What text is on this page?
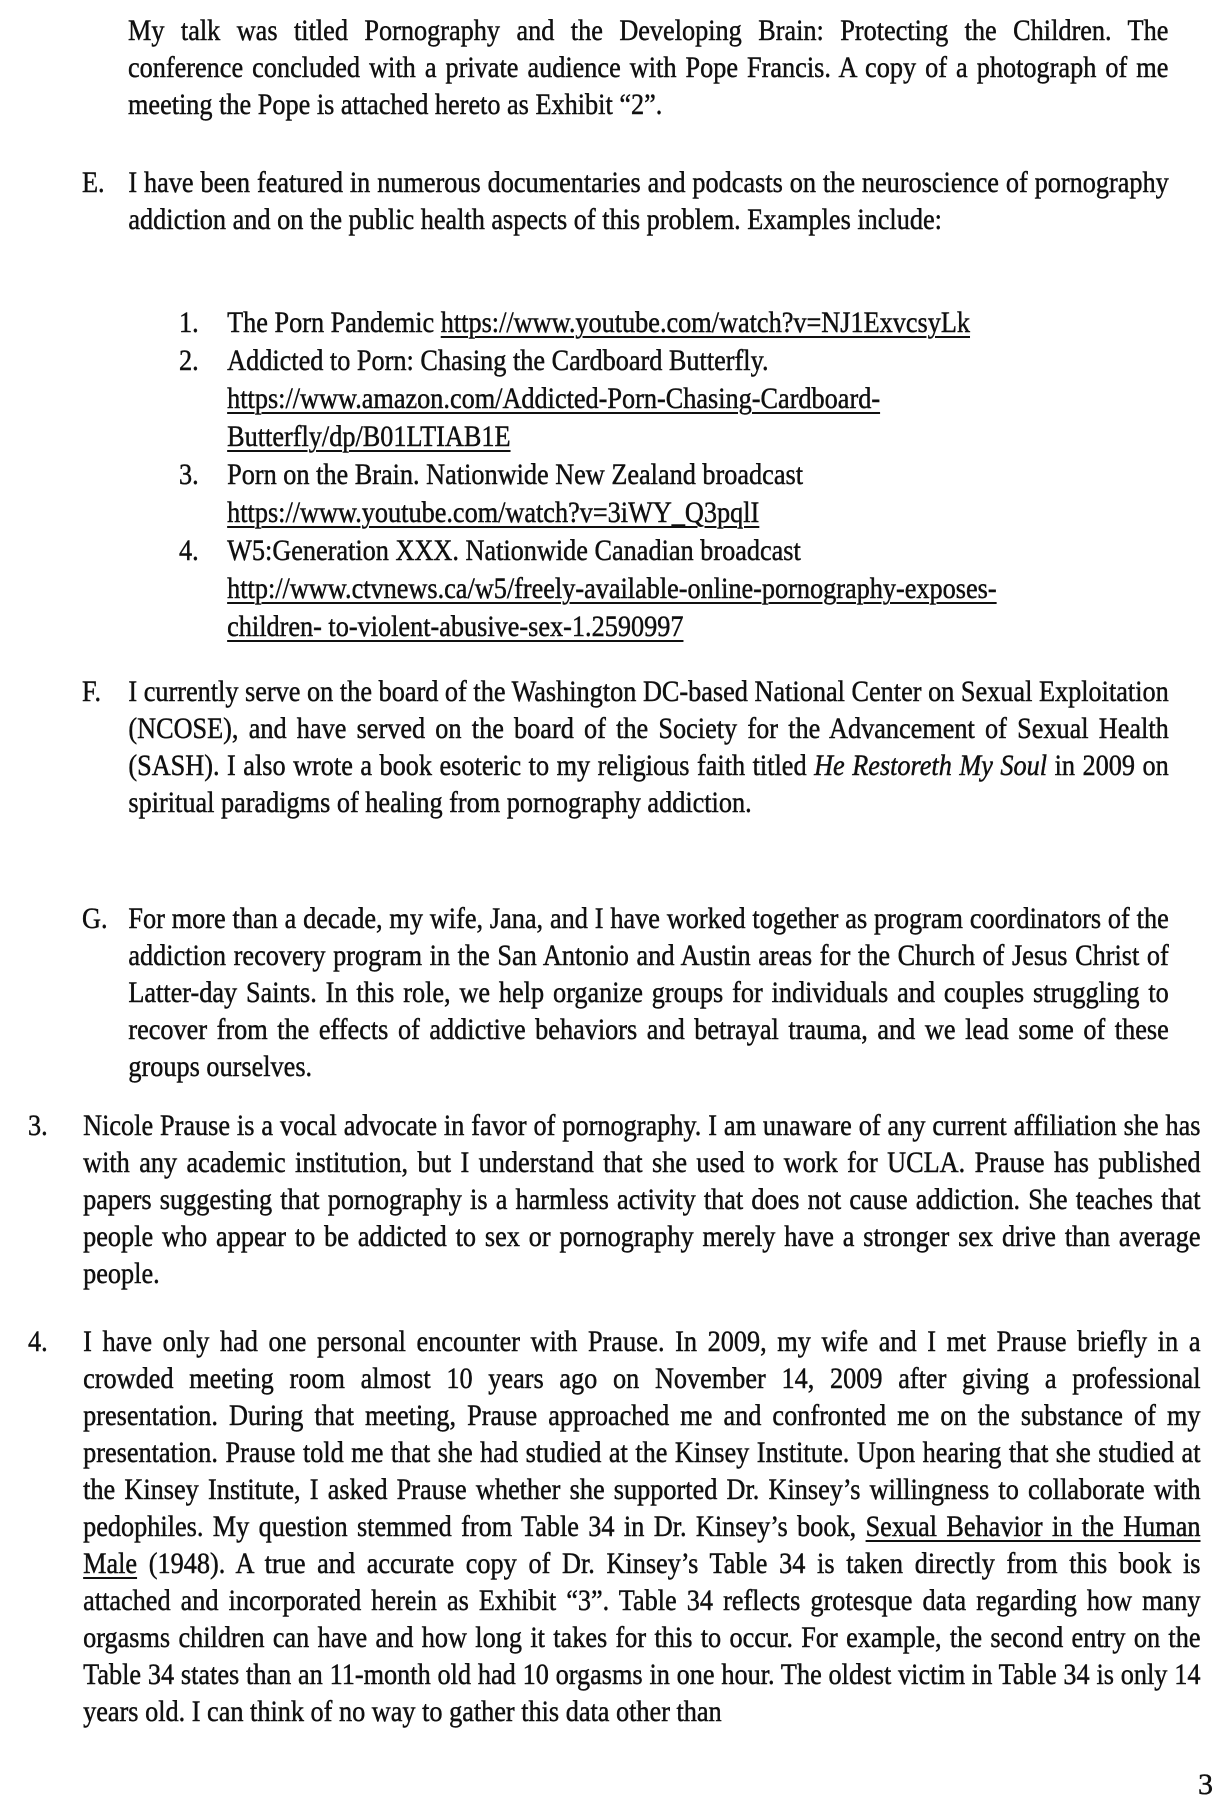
My talk was titled Pornography and the Developing Brain: Protecting the Children. The conference concluded with a private audience with Pope Francis. A copy of a photograph of me meeting the Pope is attached hereto as Exhibit “2”.
E. I have been featured in numerous documentaries and podcasts on the neuroscience of pornography addiction and on the public health aspects of this problem. Examples include:
1. The Porn Pandemic https://www.youtube.com/watch?v=NJ1ExvcsyLk
2. Addicted to Porn: Chasing the Cardboard Butterfly.
https://www.amazon.com/Addicted-Porn-Chasing-Cardboard-
Butterfly/dp/B01LTIAB1E
3. Porn on the Brain. Nationwide New Zealand broadcast
https://www.youtube.com/watch?v=3iWY_Q3pqlI
4. W5:Generation XXX. Nationwide Canadian broadcast
http://www.ctvnews.ca/w5/freely-available-online-pornography-exposes-
children- to-violent-abusive-sex-1.2590997
F. I currently serve on the board of the Washington DC-based National Center on Sexual Exploitation (NCOSE), and have served on the board of the Society for the Advancement of Sexual Health (SASH). I also wrote a book esoteric to my religious faith titled He Restoreth My Soul in 2009 on spiritual paradigms of healing from pornography addiction.
G. For more than a decade, my wife, Jana, and I have worked together as program coordinators of the addiction recovery program in the San Antonio and Austin areas for the Church of Jesus Christ of Latter-day Saints. In this role, we help organize groups for individuals and couples struggling to recover from the effects of addictive behaviors and betrayal trauma, and we lead some of these groups ourselves.
3. Nicole Prause is a vocal advocate in favor of pornography. I am unaware of any current affiliation she has with any academic institution, but I understand that she used to work for UCLA. Prause has published papers suggesting that pornography is a harmless activity that does not cause addiction. She teaches that people who appear to be addicted to sex or pornography merely have a stronger sex drive than average people.
4. I have only had one personal encounter with Prause. In 2009, my wife and I met Prause briefly in a crowded meeting room almost 10 years ago on November 14, 2009 after giving a professional presentation. During that meeting, Prause approached me and confronted me on the substance of my presentation. Prause told me that she had studied at the Kinsey Institute. Upon hearing that she studied at the Kinsey Institute, I asked Prause whether she supported Dr. Kinsey’s willingness to collaborate with pedophiles. My question stemmed from Table 34 in Dr. Kinsey’s book, Sexual Behavior in the Human Male (1948). A true and accurate copy of Dr. Kinsey’s Table 34 is taken directly from this book is attached and incorporated herein as Exhibit “3”. Table 34 reflects grotesque data regarding how many orgasms children can have and how long it takes for this to occur. For example, the second entry on the Table 34 states than an 11-month old had 10 orgasms in one hour. The oldest victim in Table 34 is only 14 years old. I can think of no way to gather this data other than
3
